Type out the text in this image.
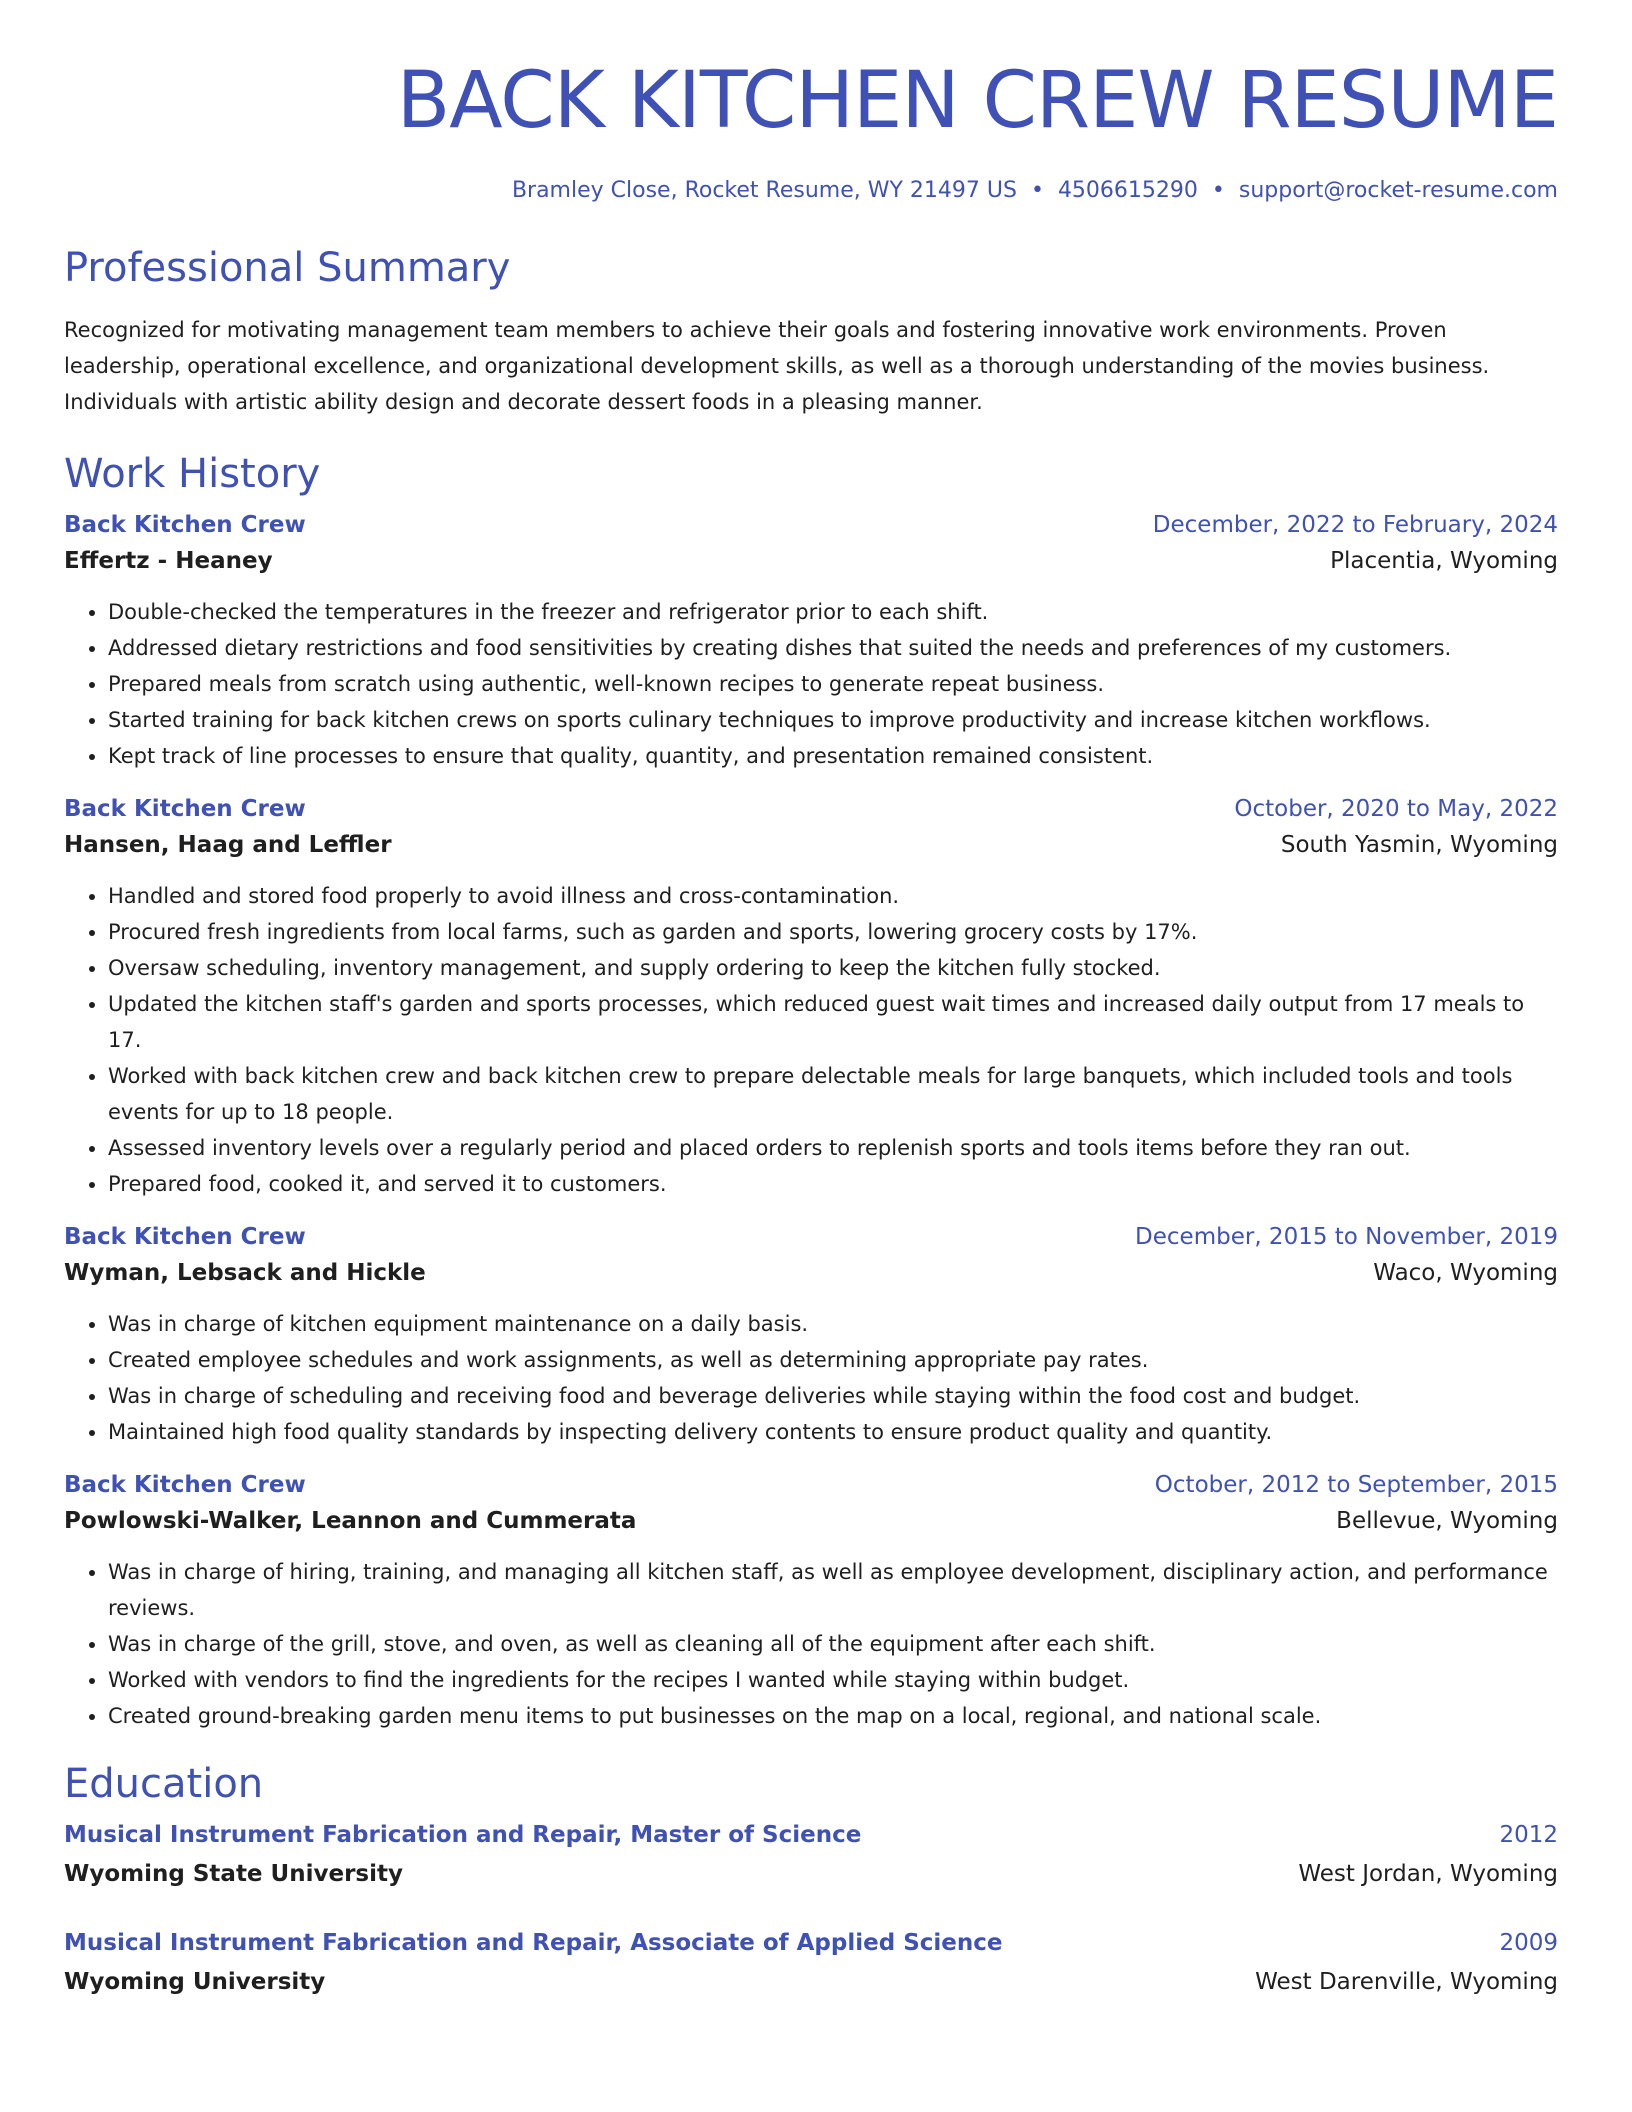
BACK KITCHEN CREW RESUME
Bramley Close, Rocket Resume, WY 21497 US • 4506615290 • support@rocket-resume.com
Professional Summary
Recognized for motivating management team members to achieve their goals and fostering innovative work environments. Proven leadership, operational excellence, and organizational development skills, as well as a thorough understanding of the movies business. Individuals with artistic ability design and decorate dessert foods in a pleasing manner.
Work History
Back Kitchen Crew	December, 2022 to February, 2024
Effertz - Heaney	Placentia, Wyoming
• Double-checked the temperatures in the freezer and refrigerator prior to each shift.
• Addressed dietary restrictions and food sensitivities by creating dishes that suited the needs and preferences of my customers.
• Prepared meals from scratch using authentic, well-known recipes to generate repeat business.
• Started training for back kitchen crews on sports culinary techniques to improve productivity and increase kitchen workflows.
• Kept track of line processes to ensure that quality, quantity, and presentation remained consistent.
Back Kitchen Crew	October, 2020 to May, 2022
Hansen, Haag and Leffler	South Yasmin, Wyoming
• Handled and stored food properly to avoid illness and cross-contamination.
• Procured fresh ingredients from local farms, such as garden and sports, lowering grocery costs by 17%.
• Oversaw scheduling, inventory management, and supply ordering to keep the kitchen fully stocked.
• Updated the kitchen staff's garden and sports processes, which reduced guest wait times and increased daily output from 17 meals to 17.
• Worked with back kitchen crew and back kitchen crew to prepare delectable meals for large banquets, which included tools and tools events for up to 18 people.
• Assessed inventory levels over a regularly period and placed orders to replenish sports and tools items before they ran out.
• Prepared food, cooked it, and served it to customers.
Back Kitchen Crew	December, 2015 to November, 2019
Wyman, Lebsack and Hickle	Waco, Wyoming
• Was in charge of kitchen equipment maintenance on a daily basis.
• Created employee schedules and work assignments, as well as determining appropriate pay rates.
• Was in charge of scheduling and receiving food and beverage deliveries while staying within the food cost and budget.
• Maintained high food quality standards by inspecting delivery contents to ensure product quality and quantity.
Back Kitchen Crew	October, 2012 to September, 2015
Powlowski-Walker, Leannon and Cummerata	Bellevue, Wyoming
• Was in charge of hiring, training, and managing all kitchen staff, as well as employee development, disciplinary action, and performance reviews.
• Was in charge of the grill, stove, and oven, as well as cleaning all of the equipment after each shift.
• Worked with vendors to find the ingredients for the recipes I wanted while staying within budget.
• Created ground-breaking garden menu items to put businesses on the map on a local, regional, and national scale.
Education
Musical Instrument Fabrication and Repair, Master of Science	2012
Wyoming State University	West Jordan, Wyoming
Musical Instrument Fabrication and Repair, Associate of Applied Science	2009
Wyoming University	West Darenville, Wyoming
